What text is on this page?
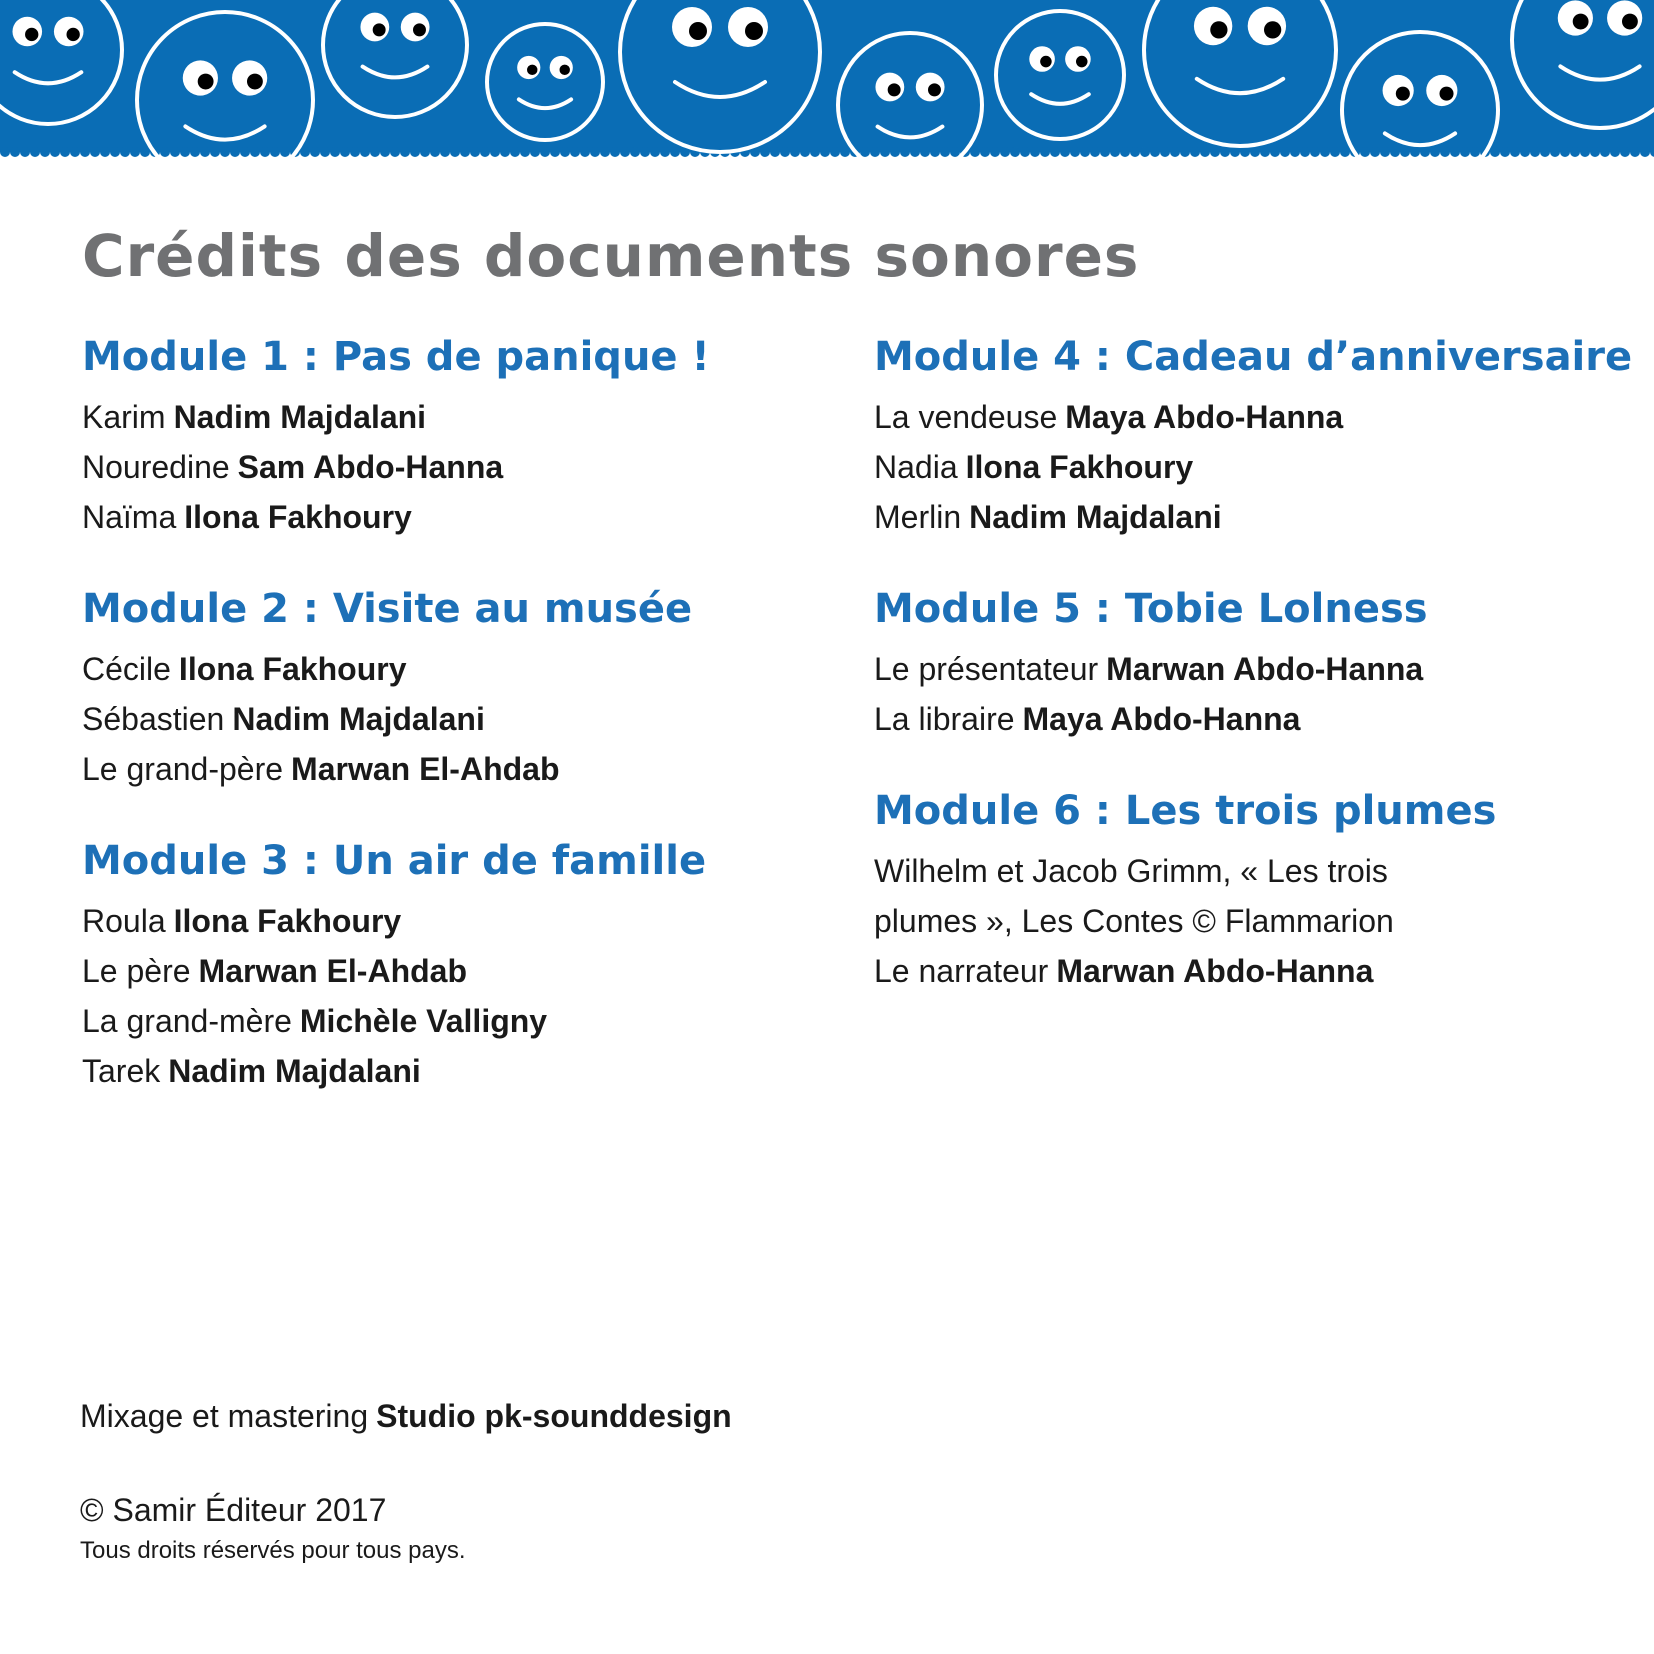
Crédits des documents sonores
Module 1 : Pas de panique !

Karim Nadim Majdalani

Nouredine Sam Abdo-Hanna

Naïma Ilona Fakhoury

Module 2 : Visite au musée

Cécile Ilona Fakhoury

Sébastien Nadim Majdalani

Le grand-père Marwan El-Ahdab

Module 3 : Un air de famille

Roula Ilona Fakhoury

Le père Marwan El-Ahdab

La grand-mère Michèle Valligny

Tarek Nadim Majdalani

Module 4 : Cadeau d’anniversaire

La vendeuse Maya Abdo-Hanna

Nadia Ilona Fakhoury

Merlin Nadim Majdalani

Module 5 : Tobie Lolness

Le présentateur Marwan Abdo-Hanna

La libraire Maya Abdo-Hanna

Module 6 : Les trois plumes

Wilhelm et Jacob Grimm, « Les trois

plumes », Les Contes © Flammarion

Le narrateur Marwan Abdo-Hanna

Mixage et mastering Studio pk-sounddesign

© Samir Éditeur 2017

Tous droits réservés pour tous pays.
